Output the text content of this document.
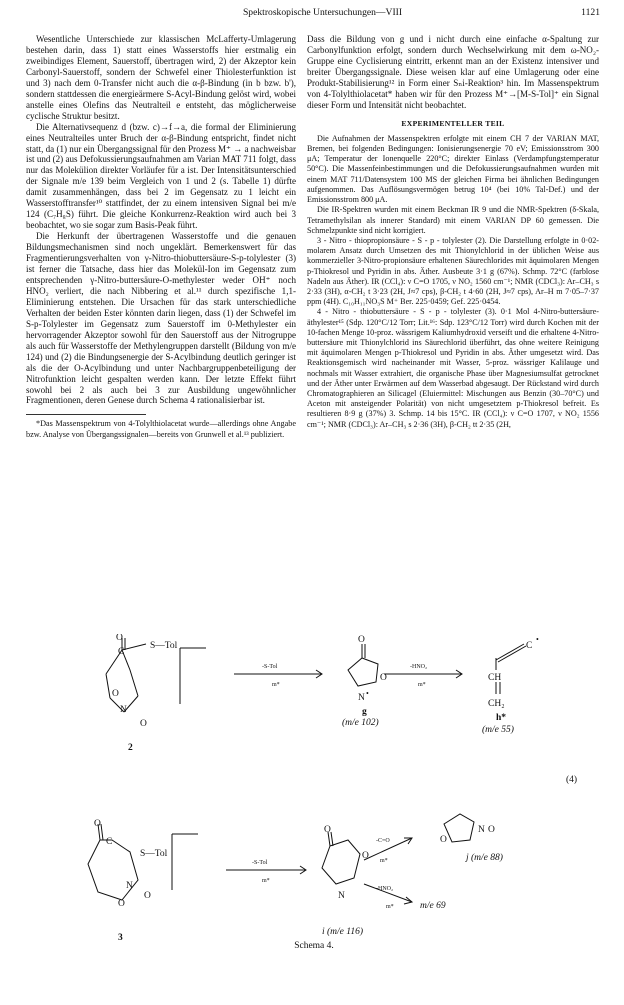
Spektroskopische Untersuchungen—VIII	1121

Wesentliche Unterschiede zur klassischen McLafferty-Umlagerung bestehen darin, dass 1) statt eines Wasserstoffs hier erstmalig ein zweibindiges Element, Sauerstoff, übertragen wird, 2) der Akzeptor kein Carbonyl-Sauerstoff, sondern der Schwefel einer Thiolesterfunktion ist und 3) nach dem 0-Transfer nicht auch die α-β-Bindung (in b bzw. b'), sondern stattdessen die energieärmere S-Acyl-Bindung gelöst wird, wobei anstelle eines Olefins das Neutralteil e entsteht, das möglicherweise cyclische Struktur besitzt.

Die Alternativsequenz d (bzw. c)→f→a, die formal der Eliminierung eines Neutralteiles unter Bruch der α-β-Bindung entspricht, findet nicht statt, da (1) nur ein Übergangssignal für den Prozess M⁺ → a nachweisbar ist und (2) aus Defokussierungsaufnahmen am Varian MAT 711 folgt, dass nur das Molekülion direkter Vorläufer für a ist. Der Intensitätsunterschied der Signale m/e 139 beim Vergleich von 1 und 2 (s. Tabelle 1) dürfte damit zusammenhängen, dass bei 2 im Gegensatz zu 1 leicht ein Wasserstofftransfer¹⁰ stattfindet, der zu einem intensiven Signal bei m/e 124 (C₇H₈S) führt. Die gleiche Konkurrenz-Reaktion wird auch bei 3 beobachtet, wo sie sogar zum Basis-Peak führt.

Die Herkunft der übertragenen Wasserstoffe und die genauen Bildungsmechanismen sind noch ungeklärt. Bemerkenswert für das Fragmentierungsverhalten von γ-Nitro-thiobuttersäure-S-p-tolylester (3) ist ferner die Tatsache, dass hier das Molekül-Ion im Gegensatz zum entsprechenden γ-Nitro-buttersäure-O-methylester weder OH⁺ noch HNO₂ verliert, die nach Nibbering et al.¹¹ durch spezifische 1,1-Eliminierung entstehen. Die Ursachen für das stark unterschiedliche Verhalten der beiden Ester könnten darin liegen, dass (1) der Schwefel im S-p-Tolylester im Gegensatz zum Sauerstoff im 0-Methylester ein hervorragender Akzeptor sowohl für den Sauerstoff aus der Nitrogruppe als auch für Wasserstoffe der Methylengruppen darstellt (Bildung von m/e 124) und (2) die Bindungsenergie der S-Acylbindung deutlich geringer ist als die der O-Acylbindung und unter Nachbargruppenbeteiligung der Nitrofunktion leicht gespalten werden kann. Der letzte Effekt führt sowohl bei 2 als auch bei 3 zur Ausbildung ungewöhnlicher Fragmentionen, deren Genese durch Schema 4 rationalisierbar ist.

*Das Massenspektrum von 4-Tolylthiolacetat wurde—allerdings ohne Angabe bzw. Analyse von Übergangssignalen—bereits von Grunwell et al.¹³ publiziert.

Dass die Bildung von g und i nicht durch eine einfache α-Spaltung zur Carbonylfunktion erfolgt, sondern durch Wechselwirkung mit dem ω-NO₂-Gruppe eine Cyclisierung eintritt, erkennt man an der Existenz intensiver und breiter Übergangssignale. Diese weisen klar auf eine Umlagerung oder eine Produkt-Stabilisierung¹² in Form einer Sₙi-Reaktion³ hin. Im Massenspektrum von 4-Tolylthiolacetat* haben wir für den Prozess M⁺→[M-S-Tol]⁺ ein Signal dieser Form und Intensität nicht beobachtet.

EXPERIMENTELLER TEIL

Die Aufnahmen der Massenspektren erfolgte mit einem CH 7 der VARIAN MAT, Bremen, bei folgenden Bedingungen: Ionisierungsenergie 70 eV; Emissionsstrom 300 μA; Temperatur der Ionenquelle 220°C; direkter Einlass (Verdampfungstemperatur 50°C). Die Massenfeinbestimmungen und die Defokussierungsaufnahmen wurden mit einem MAT 711/Datensystem 100 MS der gleichen Firma bei ähnlichen Bedingungen aufgenommen. Das Auflösungsvermögen betrug 10⁴ (bei 10% Tal-Def.) und der Emissionsstrom 800 μA.

Die IR-Spektren wurden mit einem Beckman IR 9 und die NMR-Spektren (δ-Skala, Tetramethylsilan als innerer Standard) mit einem VARIAN DP 60 gemessen. Die Schmelzpunkte sind nicht korrigiert.

3 - Nitro - thiopropionsäure - S - p - tolylester (2). Die Darstellung erfolgte in 0·02-molarem Ansatz durch Umsetzen des mit Thionylchlorid in der üblichen Weise aus kommerzieller 3-Nitro-propionsäure erhaltenen Säurechlorides mit äquimolaren Mengen p-Thiokresol und Pyridin in abs. Äther. Ausbeute 3·1 g (67%). Schmp. 72°C (farblose Nadeln aus Äther). IR (CCl₄): ν C=O 1705, ν NO₂ 1560 cm⁻¹; NMR (CDCl₃): Ar–CH₃ s 2·33 (3H), α-CH₂ t 3·23 (2H, J≈7 cps), β-CH₂ t 4·60 (2H, J≈7 cps), Ar–H m 7·05–7·37 ppm (4H). C₁₀H₁₁NO₃S M⁺ Ber. 225·0459; Gef. 225·0454.

4 - Nitro - thiobuttersäure - S - p - tolylester (3). 0·1 Mol 4-Nitro-buttersäure-äthylester¹⁵ (Sdp. 120°C/12 Torr; Lit.¹⁶: Sdp. 123°C/12 Torr) wird durch Kochen mit der 10-fachen Menge 10-proz. wässrigem Kaliumhydroxid verseift und die erhaltene 4-Nitro-buttersäure mit Thionylchlorid ins Säurechlorid überführt, das ohne weitere Reinigung mit äquimolaren Mengen p-Thiokresol und Pyridin in abs. Äther umgesetzt wird. Das Reaktionsgemisch wird nacheinander mit Wasser, 5-proz. wässriger Kalilauge und nochmals mit Wasser extrahiert, die organische Phase über Magnesiumsulfat getrocknet und der Äther unter Erwärmen auf dem Wasserbad abgesaugt. Der Rückstand wird durch Chromatographieren an Silicagel (Eluiermittel: Mischungen aus Benzin (30–70°C) und Aceton mit ansteigender Polarität) von nicht umgesetztem p-Thiokresol befreit. Es resultieren 8·9 g (37%) 3. Schmp. 14 bis 15°C. IR (CCl₄): ν C=O 1707, ν NO₂ 1556 cm⁻¹; NMR (CDCl₃): Ar–CH₃ s 2·36 (3H), β-CH₂ tt 2·35 (2H,

O
C
S—Tol
N
O
O
2
-S-Tol
m*
-HNO₂
m*
O
O
N •
g
(m/e 102)
C
•
CH
CH₂
h*
(m/e 55)
(4)
O
C
S—Tol
N
O
O
3
-S-Tol
m*
-C=O
m*
-HNO₂
m*
O
O
N
i (m/e 116)
N O
O
j (m/e 88)
m/e 69
Schema 4.
